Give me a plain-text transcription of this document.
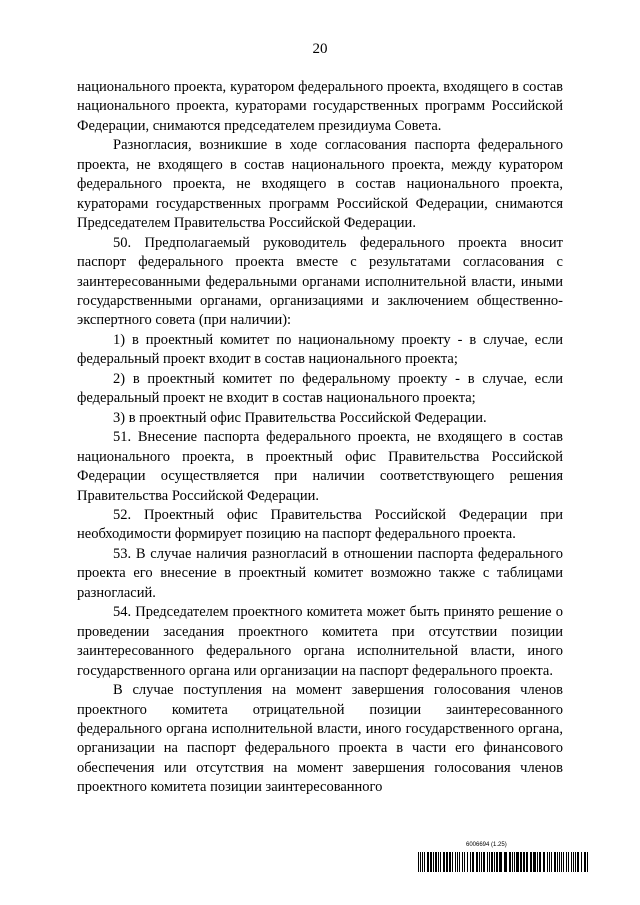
20

национального проекта, куратором федерального проекта, входящего в состав национального проекта, кураторами государственных программ Российской Федерации, снимаются председателем президиума Совета.

Разногласия, возникшие в ходе согласования паспорта федерального проекта, не входящего в состав национального проекта, между куратором федерального проекта, не входящего в состав национального проекта, кураторами государственных программ Российской Федерации, снимаются Председателем Правительства Российской Федерации.

50. Предполагаемый руководитель федерального проекта вносит паспорт федерального проекта вместе с результатами согласования с заинтересованными федеральными органами исполнительной власти, иными государственными органами, организациями и заключением общественно-экспертного совета (при наличии):

1) в проектный комитет по национальному проекту - в случае, если федеральный проект входит в состав национального проекта;

2) в проектный комитет по федеральному проекту - в случае, если федеральный проект не входит в состав национального проекта;

3) в проектный офис Правительства Российской Федерации.

51. Внесение паспорта федерального проекта, не входящего в состав национального проекта, в проектный офис Правительства Российской Федерации осуществляется при наличии соответствующего решения Правительства Российской Федерации.

52. Проектный офис Правительства Российской Федерации при необходимости формирует позицию на паспорт федерального проекта.

53. В случае наличия разногласий в отношении паспорта федерального проекта его внесение в проектный комитет возможно также с таблицами разногласий.

54. Председателем проектного комитета может быть принято решение о проведении заседания проектного комитета при отсутствии позиции заинтересованного федерального органа исполнительной власти, иного государственного органа или организации на паспорт федерального проекта.

В случае поступления на момент завершения голосования членов проектного комитета отрицательной позиции заинтересованного федерального органа исполнительной власти, иного государственного органа, организации на паспорт федерального проекта в части его финансового обеспечения или отсутствия на момент завершения голосования членов проектного комитета позиции заинтересованного

6006694 (1.25)
